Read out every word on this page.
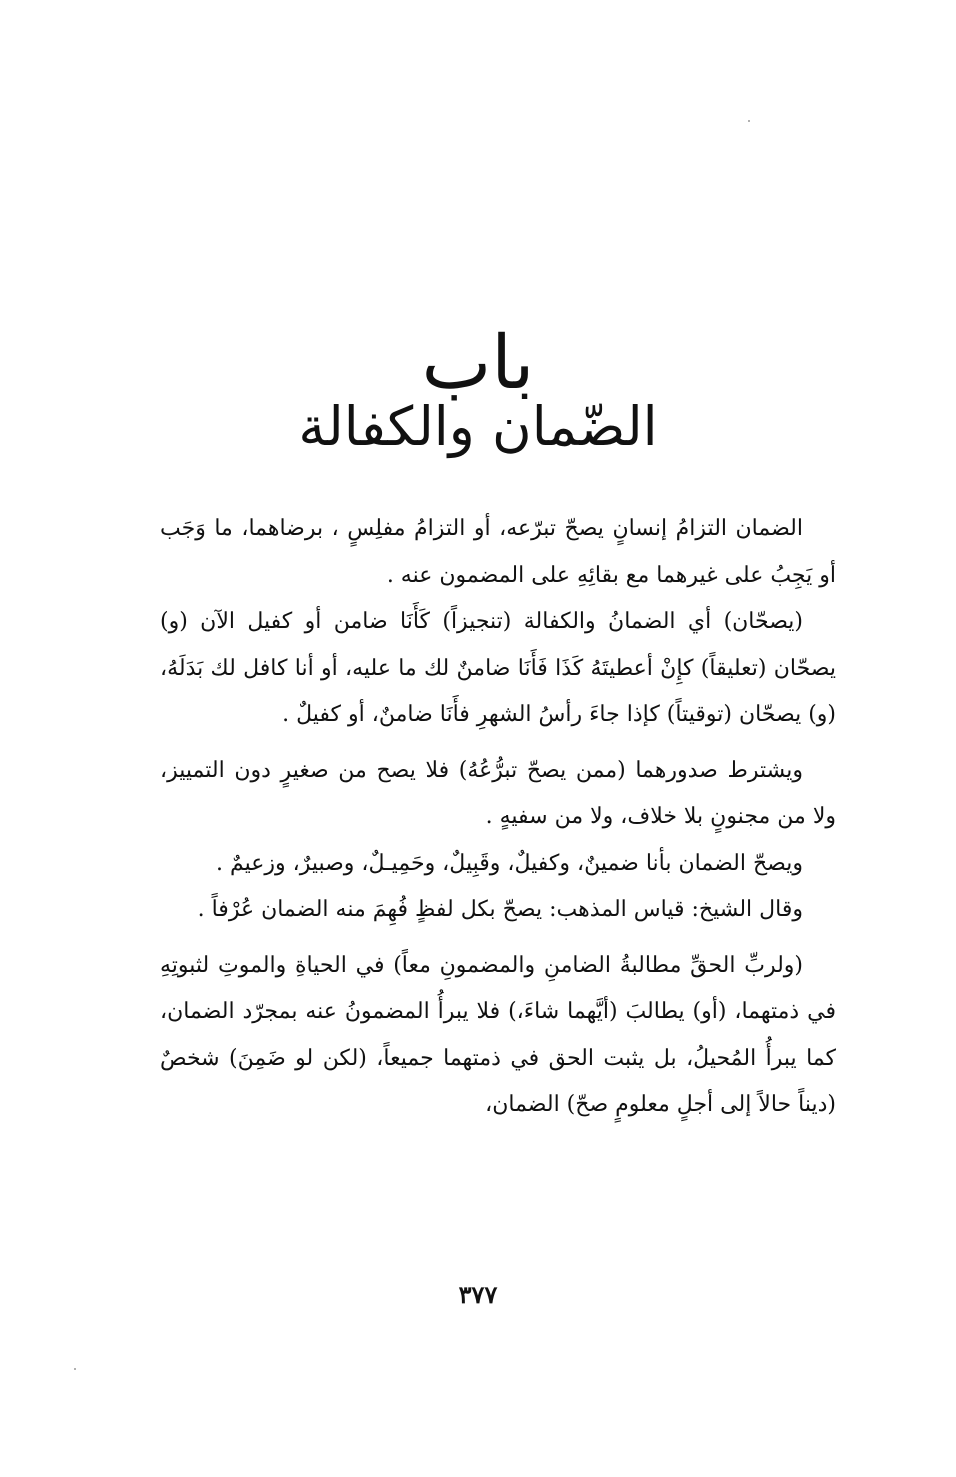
باب
الضّمان والكفالة

الضمان التزامُ إنسانٍ يصحّ تبرّعه، أو التزامُ مفلِسٍ ، برضاهما، ما وَجَب أو يَجِبُ على غيرهما مع بقائِهِ على المضمون عنه .

(يصحّان) أي الضمانُ والكفالة (تنجيزاً) كَأَنَا ضامن أو كفيل الآن (و) يصحّان (تعليقاً) كإِنْ أعطيتَهُ كَذَا فَأَنَا ضامنٌ لك ما عليه، أو أنا كافل لك بَدَلَهُ، (و) يصحّان (توقيتاً) كإذا جاءَ رأسُ الشهرِ فأَنَا ضامنٌ، أو كفيلٌ .

ويشترط صدورهما (ممن يصحّ تبرُّعُهُ) فلا يصح من صغيرٍ دون التمييز، ولا من مجنونٍ بلا خلاف، ولا من سفيهٍ .

ويصحّ الضمان بأنا ضمينٌ، وكفيلٌ، وقَبِيلٌ، وحَمِيـلٌ، وصبيرٌ، وزعيمٌ .

وقال الشيخ: قياس المذهب: يصحّ بكل لفظٍ فُهِمَ منه الضمان عُرْفاً .

(ولربِّ الحقِّ مطالبةُ الضامنِ والمضمونِ معاً) في الحياةِ والموتِ لثبوتِهِ في ذمتهما، (أو) يطالبَ (أيَّهما شاءَ،) فلا يبرأُ المضمونُ عنه بمجرّد الضمان، كما يبرأُ المُحيلُ، بل يثبت الحق في ذمتهما جميعاً، (لكن لو ضَمِنَ) شخصٌ (ديناً حالاً إلى أجلٍ معلومٍ صحّ) الضمان،

٣٧٧
